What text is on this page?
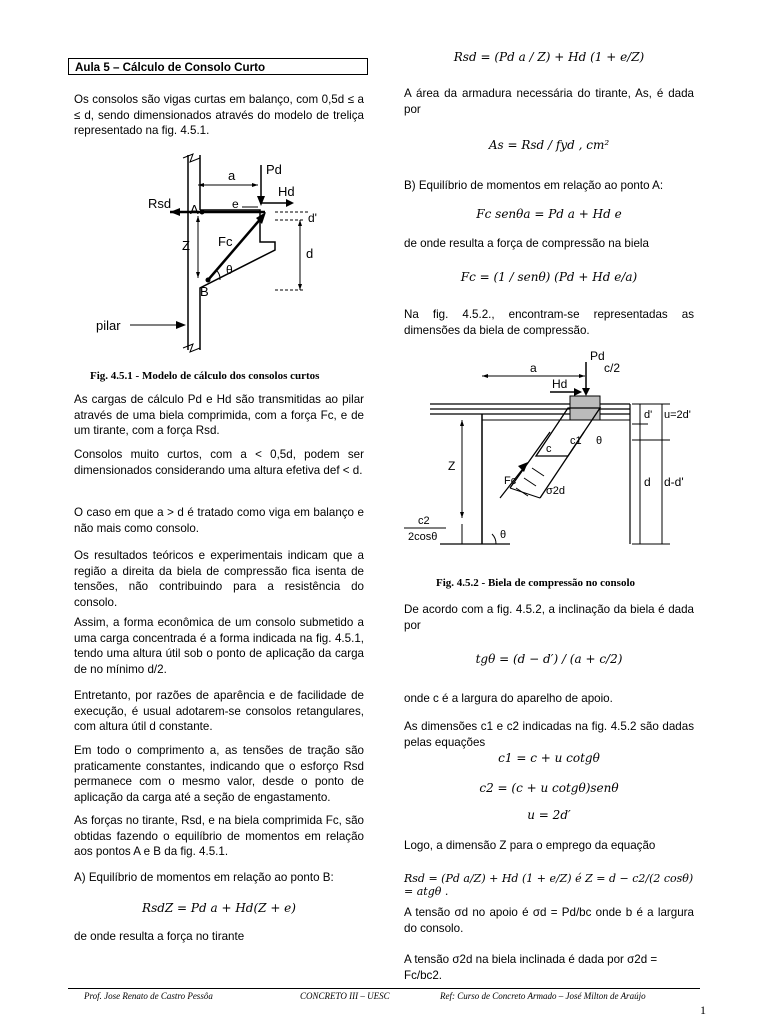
Aula 5 – Cálculo de Consolo Curto

Os consolos são vigas curtas em balanço, com 0,5d ≤ a ≤ d, sendo dimensionados através do modelo de treliça representado na fig. 4.5.1.

a Pd
Hd
Rsd A	e
d'
Z Fc
d
θ
B
pilar
Fig. 4.5.1 - Modelo de cálculo dos consolos curtos

As cargas de cálculo Pd e Hd são transmitidas ao pilar através de uma biela comprimida, com a força Fc, e de um tirante, com a força Rsd.

Consolos muito curtos, com a < 0,5d, podem ser dimensionados considerando uma altura efetiva def < d.

O caso em que a > d é tratado como viga em balanço e não mais como consolo.

Os resultados teóricos e experimentais indicam que a região a direita da biela de compressão fica isenta de tensões, não contribuindo para a resistência do consolo.

Assim, a forma econômica de um consolo submetido a uma carga concentrada é a forma indicada na fig. 4.5.1, tendo uma altura útil sob o ponto de aplicação da carga de no mínimo d/2.

Entretanto, por razões de aparência e de facilidade de execução, é usual adotarem-se consolos retangulares, com altura útil d constante.

Em todo o comprimento a, as tensões de tração são praticamente constantes, indicando que o esforço Rsd permanece com o mesmo valor, desde o ponto de aplicação da carga até a seção de engastamento.

As forças no tirante, Rsd, e na biela comprimida Fc, são obtidas fazendo o equilíbrio de momentos em relação aos pontos A e B da fig. 4.5.1.

A) Equilíbrio de momentos em relação ao ponto B:

RsdZ = Pd a + Hd(Z + e)

de onde resulta a força no tirante

Rsd = (Pd a / Z) + Hd (1 + e/Z)

A área da armadura necessária do tirante, As, é dada por

As = Rsd / fyd , cm²

B) Equilíbrio de momentos em relação ao ponto A:

Fc senθa = Pd a + Hd e

de onde resulta a força de compressão na biela

Fc = (1 / senθ) (Pd + Hd e/a)

Na fig. 4.5.2., encontram-se representadas as dimensões da biela de compressão.

a
Pd
c/2
Hd
d' u=2d'
c1
c
θ
Z
Fc
σ2d
d d-d'
c2
2cosθ	θ
Fig. 4.5.2 - Biela de compressão no consolo

De acordo com a fig. 4.5.2, a inclinação da biela é dada por

tgθ = (d − d′) / (a + c/2)

onde c é a largura do aparelho de apoio.

As dimensões c1 e c2 indicadas na fig. 4.5.2 são dadas pelas equações

c1 = c + u cotgθ
c2 = (c + u cotgθ)senθ
u = 2d′

Logo, a dimensão Z para o emprego da equação

Rsd = (Pd a/Z) + Hd (1 + e/Z) é Z = d − c2/(2 cosθ) = atgθ .

A tensão σd no apoio é σd = Pd/bc onde b é a largura do consolo.

A tensão σ2d na biela inclinada é dada por σ2d = Fc/bc2.

Prof. Jose Renato de Castro Pessôa	CONCRETO III – UESC	Ref: Curso de Concreto Armado – José Milton de Araújo
1
